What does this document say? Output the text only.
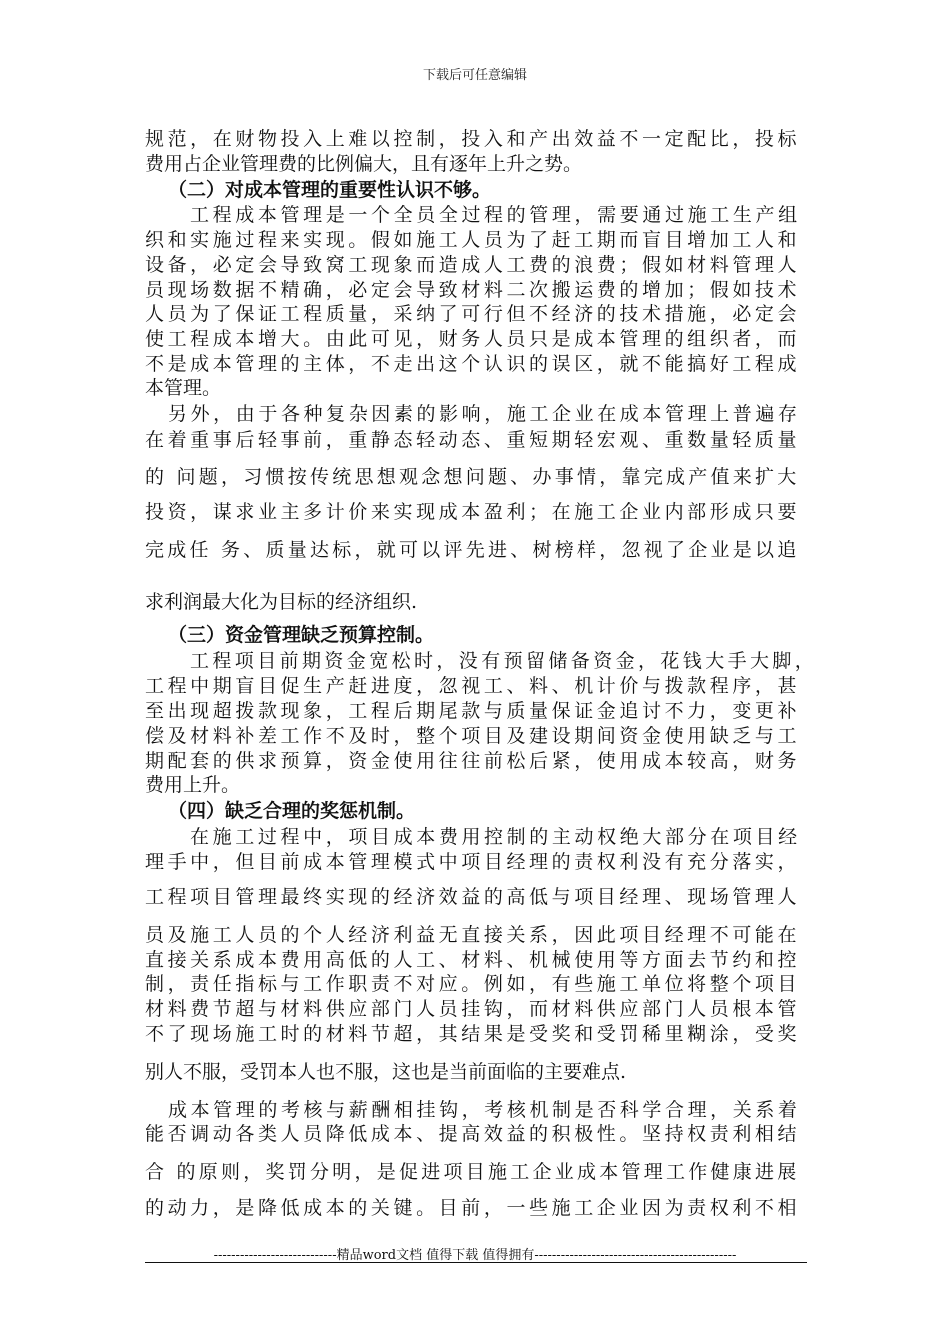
下载后可任意编辑
规范，在财物投入上难以控制，投入和产出效益不一定配比，投标
费用占企业管理费的比例偏大，且有逐年上升之势。
（二）对成本管理的重要性认识不够。
工程成本管理是一个全员全过程的管理，需要通过施工生产组
织和实施过程来实现。假如施工人员为了赶工期而盲目增加工人和
设备，必定会导致窝工现象而造成人工费的浪费；假如材料管理人
员现场数据不精确，必定会导致材料二次搬运费的增加；假如技术
人员为了保证工程质量，采纳了可行但不经济的技术措施，必定会
使工程成本增大。由此可见，财务人员只是成本管理的组织者，而
不是成本管理的主体，不走出这个认识的误区，就不能搞好工程成
本管理。
另外，由于各种复杂因素的影响，施工企业在成本管理上普遍存
在着重事后轻事前，重静态轻动态、重短期轻宏观、重数量轻质量
的 问题，习惯按传统思想观念想问题、办事情，靠完成产值来扩大
投资，谋求业主多计价来实现成本盈利；在施工企业内部形成只要
完成任 务、质量达标，就可以评先进、树榜样，忽视了企业是以追
求利润最大化为目标的经济组织.
（三）资金管理缺乏预算控制。
工程项目前期资金宽松时，没有预留储备资金，花钱大手大脚，
工程中期盲目促生产赶进度，忽视工、料、机计价与拨款程序，甚
至出现超拨款现象，工程后期尾款与质量保证金追讨不力，变更补
偿及材料补差工作不及时，整个项目及建设期间资金使用缺乏与工
期配套的供求预算，资金使用往往前松后紧，使用成本较高，财务
费用上升。
（四）缺乏合理的奖惩机制。
在施工过程中，项目成本费用控制的主动权绝大部分在项目经
理手中，但目前成本管理模式中项目经理的责权利没有充分落实，
工程项目管理最终实现的经济效益的高低与项目经理、现场管理人
员及施工人员的个人经济利益无直接关系，因此项目经理不可能在
直接关系成本费用高低的人工、材料、机械使用等方面去节约和控
制，责任指标与工作职责不对应。例如，有些施工单位将整个项目
材料费节超与材料供应部门人员挂钩，而材料供应部门人员根本管
不了现场施工时的材料节超，其结果是受奖和受罚稀里糊涂，受奖
别人不服，受罚本人也不服，这也是当前面临的主要难点.
成本管理的考核与薪酬相挂钩，考核机制是否科学合理，关系着
能否调动各类人员降低成本、提高效益的积极性。坚持权责利相结
合 的原则，奖罚分明，是促进项目施工企业成本管理工作健康进展
的动力，是降低成本的关键。目前，一些施工企业因为责权利不相
----------------------------精品word文档 值得下载 值得拥有----------------------------------------------
